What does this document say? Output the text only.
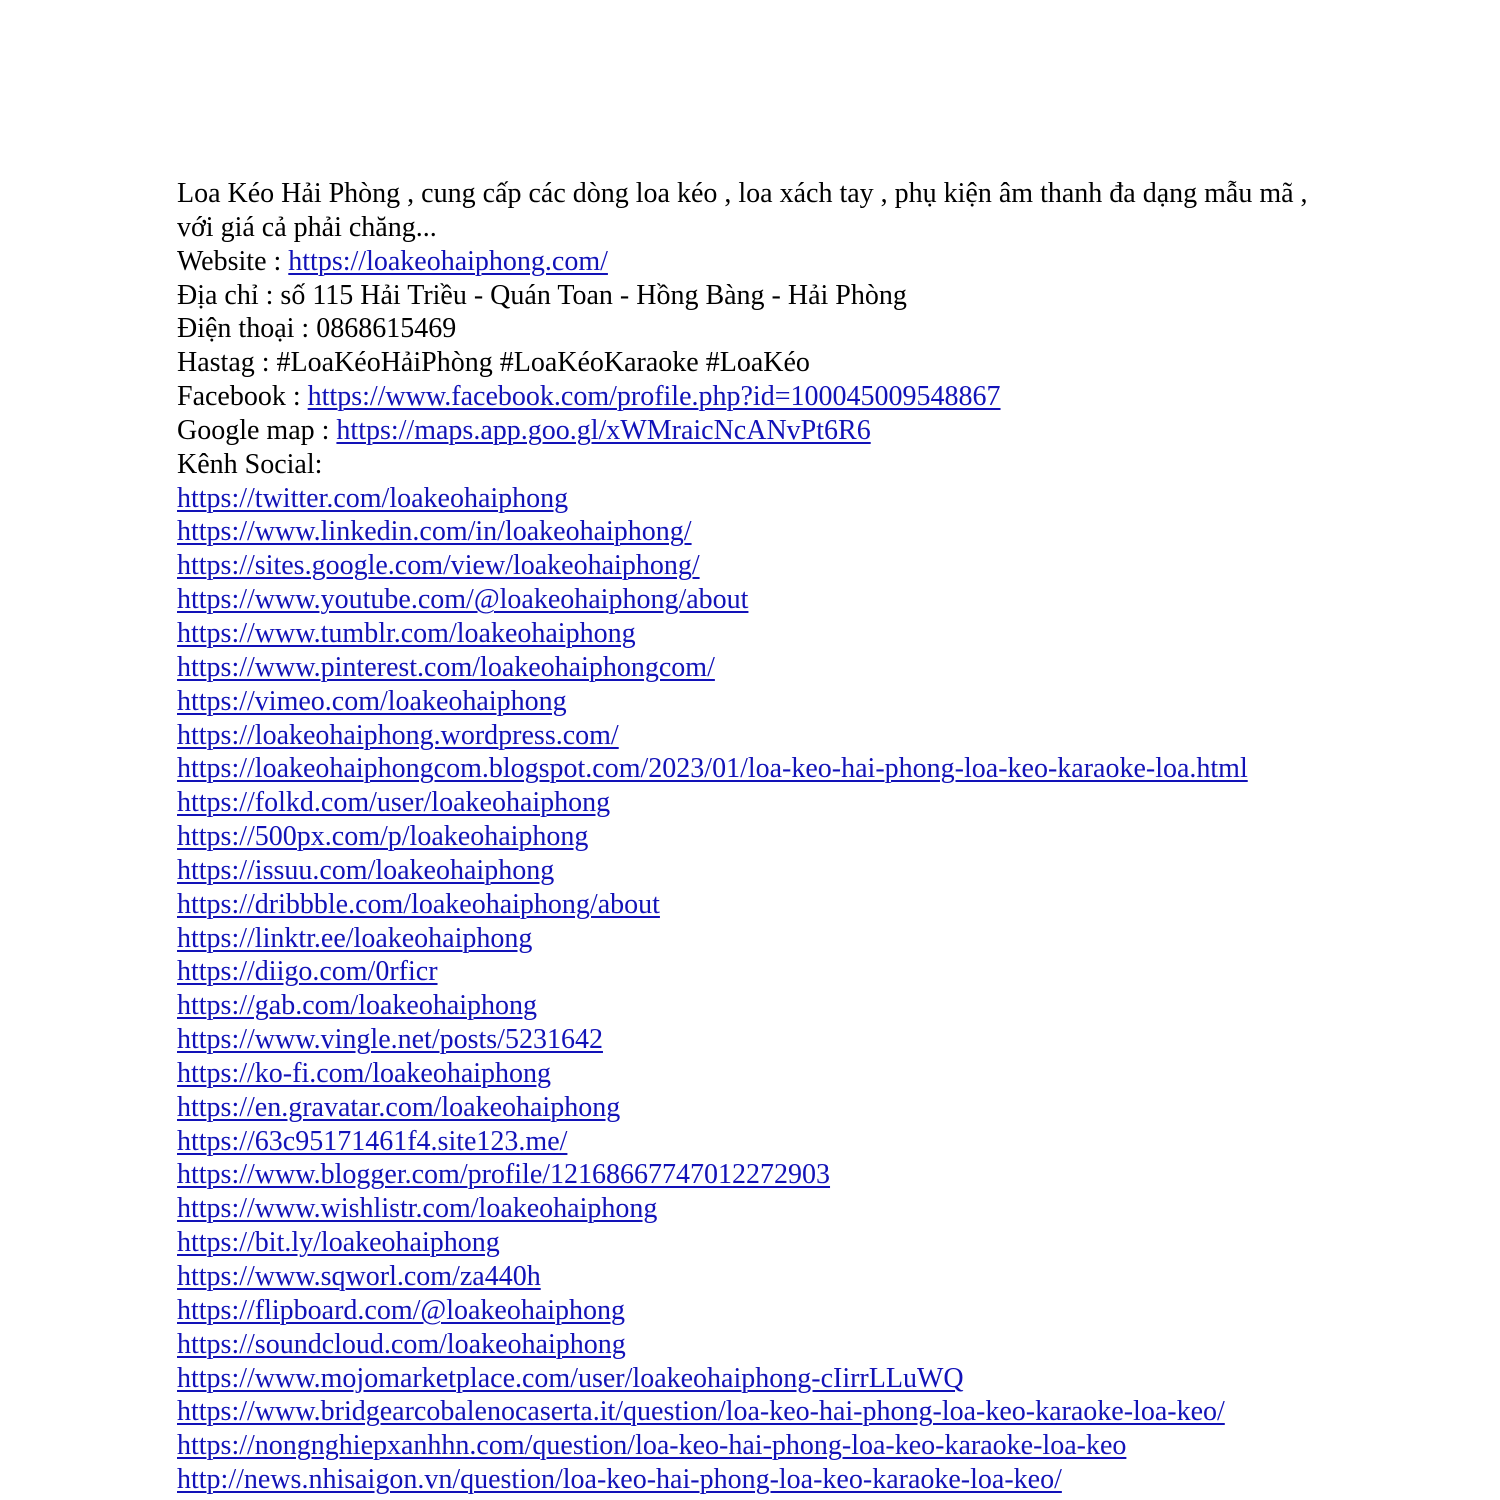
Loa Kéo Hải Phòng , cung cấp các dòng loa kéo , loa xách tay , phụ kiện âm thanh đa dạng mẫu mã , với giá cả phải chăng...
Website : https://loakeohaiphong.com/
Địa chỉ : số 115 Hải Triều - Quán Toan - Hồng Bàng - Hải Phòng
Điện thoại : 0868615469
Hastag : #LoaKéoHảiPhòng #LoaKéoKaraoke #LoaKéo
Facebook : https://www.facebook.com/profile.php?id=100045009548867
Google map : https://maps.app.goo.gl/xWMraicNcANvPt6R6
Kênh Social:
https://twitter.com/loakeohaiphong
https://www.linkedin.com/in/loakeohaiphong/
https://sites.google.com/view/loakeohaiphong/
https://www.youtube.com/@loakeohaiphong/about
https://www.tumblr.com/loakeohaiphong
https://www.pinterest.com/loakeohaiphongcom/
https://vimeo.com/loakeohaiphong
https://loakeohaiphong.wordpress.com/
https://loakeohaiphongcom.blogspot.com/2023/01/loa-keo-hai-phong-loa-keo-karaoke-loa.html
https://folkd.com/user/loakeohaiphong
https://500px.com/p/loakeohaiphong
https://issuu.com/loakeohaiphong
https://dribbble.com/loakeohaiphong/about
https://linktr.ee/loakeohaiphong
https://diigo.com/0rficr
https://gab.com/loakeohaiphong
https://www.vingle.net/posts/5231642
https://ko-fi.com/loakeohaiphong
https://en.gravatar.com/loakeohaiphong
https://63c95171461f4.site123.me/
https://www.blogger.com/profile/12168667747012272903
https://www.wishlistr.com/loakeohaiphong
https://bit.ly/loakeohaiphong
https://www.sqworl.com/za440h
https://flipboard.com/@loakeohaiphong
https://soundcloud.com/loakeohaiphong
https://www.mojomarketplace.com/user/loakeohaiphong-cIirrLLuWQ
https://www.bridgearcobalenocaserta.it/question/loa-keo-hai-phong-loa-keo-karaoke-loa-keo/
https://nongnghiepxanhhn.com/question/loa-keo-hai-phong-loa-keo-karaoke-loa-keo
http://news.nhisaigon.vn/question/loa-keo-hai-phong-loa-keo-karaoke-loa-keo/
